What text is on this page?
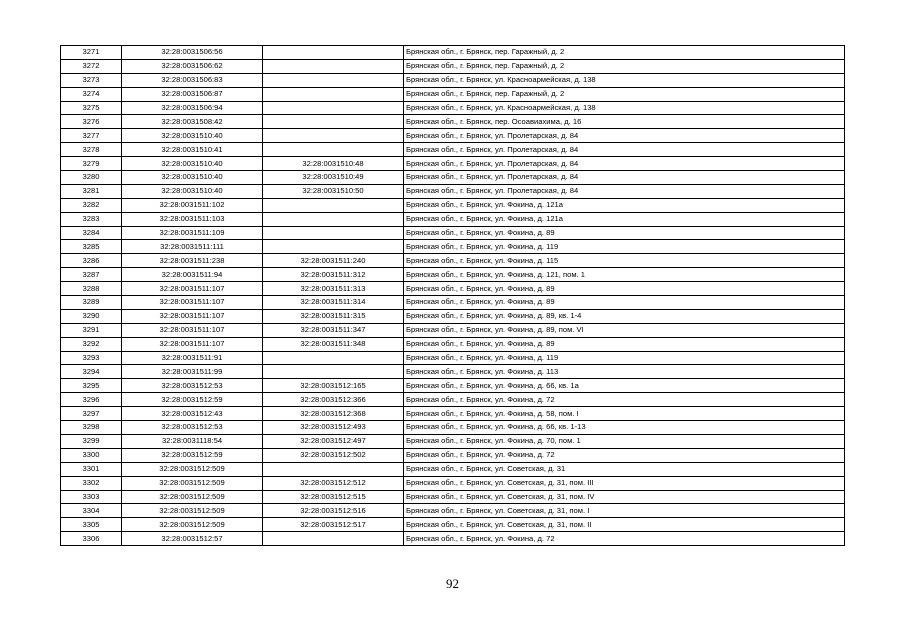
3271	32:28:0031506:56		Брянская обл., г. Брянск, пер. Гаражный, д. 2
3272	32:28:0031506:62		Брянская обл., г. Брянск, пер. Гаражный, д. 2
3273	32:28:0031506:83		Брянская обл., г. Брянск, ул. Красноармейская, д. 138
3274	32:28:0031506:87		Брянская обл., г. Брянск, пер. Гаражный, д. 2
3275	32:28:0031506:94		Брянская обл., г. Брянск, ул. Красноармейская, д. 138
3276	32:28:0031508:42		Брянская обл., г. Брянск, пер. Осоавиахима, д. 16
3277	32:28:0031510:40		Брянская обл., г. Брянск, ул. Пролетарская, д. 84
3278	32:28:0031510:41		Брянская обл., г. Брянск, ул. Пролетарская, д. 84
3279	32:28:0031510:40	32:28:0031510:48	Брянская обл., г. Брянск, ул. Пролетарская, д. 84
3280	32:28:0031510:40	32:28:0031510:49	Брянская обл., г. Брянск, ул. Пролетарская, д. 84
3281	32:28:0031510:40	32:28:0031510:50	Брянская обл., г. Брянск, ул. Пролетарская, д. 84
3282	32:28:0031511:102		Брянская обл., г. Брянск, ул. Фокина, д. 121а
3283	32:28:0031511:103		Брянская обл., г. Брянск, ул. Фокина, д. 121а
3284	32:28:0031511:109		Брянская обл., г. Брянск, ул. Фокина, д. 89
3285	32:28:0031511:111		Брянская обл., г. Брянск, ул. Фокина, д. 119
3286	32:28:0031511:238	32:28:0031511:240	Брянская обл., г. Брянск, ул. Фокина, д. 115
3287	32:28:0031511:94	32:28:0031511:312	Брянская обл., г. Брянск, ул. Фокина, д. 121, пом. 1
3288	32:28:0031511:107	32:28:0031511:313	Брянская обл., г. Брянск, ул. Фокина, д. 89
3289	32:28:0031511:107	32:28:0031511:314	Брянская обл., г. Брянск, ул. Фокина, д. 89
3290	32:28:0031511:107	32:28:0031511:315	Брянская обл., г. Брянск, ул. Фокина, д. 89, кв. 1-4
3291	32:28:0031511:107	32:28:0031511:347	Брянская обл., г. Брянск, ул. Фокина, д. 89, пом. VI
3292	32:28:0031511:107	32:28:0031511:348	Брянская обл., г. Брянск, ул. Фокина, д. 89
3293	32:28:0031511:91		Брянская обл., г. Брянск, ул. Фокина, д. 119
3294	32:28:0031511:99		Брянская обл., г. Брянск, ул. Фокина, д. 113
3295	32:28:0031512:53	32:28:0031512:165	Брянская обл., г. Брянск, ул. Фокина, д. 66, кв. 1а
3296	32:28:0031512:59	32:28:0031512:366	Брянская обл., г. Брянск, ул. Фокина, д. 72
3297	32:28:0031512:43	32:28:0031512:368	Брянская обл., г. Брянск, ул. Фокина, д. 58, пом. I
3298	32:28:0031512:53	32:28:0031512:493	Брянская обл., г. Брянск, ул. Фокина, д. 66, кв. 1-13
3299	32:28:0031118:54	32:28:0031512:497	Брянская обл., г. Брянск, ул. Фокина, д. 70, пом. 1
3300	32:28:0031512:59	32:28:0031512:502	Брянская обл., г. Брянск, ул. Фокина, д. 72
3301	32:28:0031512:509		Брянская обл., г. Брянск, ул. Советская, д. 31
3302	32:28:0031512:509	32:28:0031512:512	Брянская обл., г. Брянск, ул. Советская, д. 31, пом. III
3303	32:28:0031512:509	32:28:0031512:515	Брянская обл., г. Брянск, ул. Советская, д. 31, пом. IV
3304	32:28:0031512:509	32:28:0031512:516	Брянская обл., г. Брянск, ул. Советская, д. 31, пом. I
3305	32:28:0031512:509	32:28:0031512:517	Брянская обл., г. Брянск, ул. Советская, д. 31, пом. II
3306	32:28:0031512:57		Брянская обл., г. Брянск, ул. Фокина, д. 72
92
